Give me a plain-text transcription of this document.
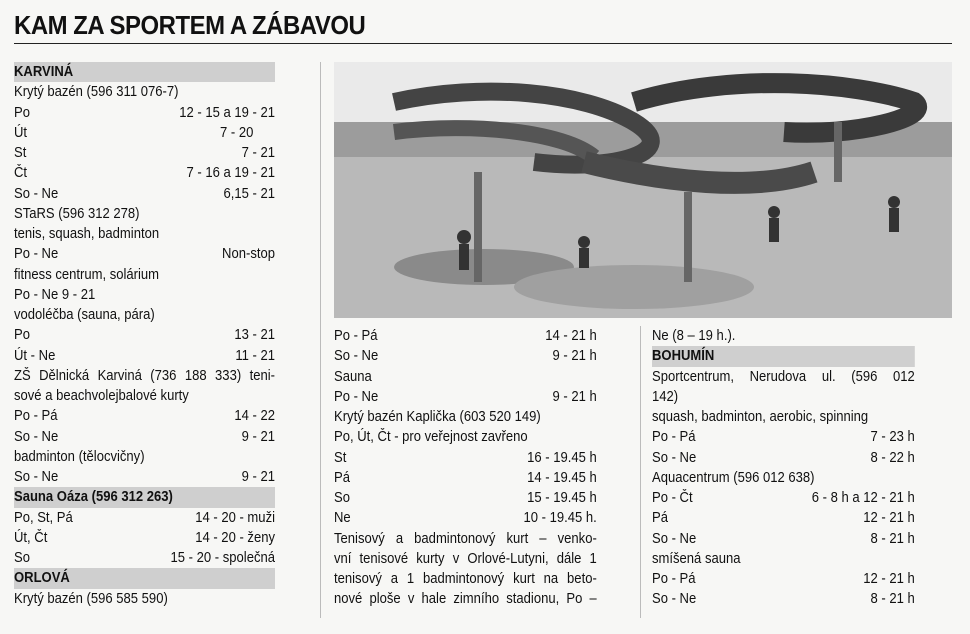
KAM ZA SPORTEM A ZÁBAVOU
KARVINÁ
Krytý bazén (596 311 076-7)
Po	12 - 15 a 19 - 21
Út	7 - 20
St	7 - 21
Čt	7 - 16 a 19 - 21
So - Ne	6,15 - 21
STaRS (596 312 278)
tenis, squash, badminton
Po - Ne	Non-stop
fitness centrum, solárium
Po - Ne 9 - 21
vodoléčba (sauna, pára)
Po	13 - 21
Út - Ne	11 - 21
ZŠ Dělnická Karviná (736 188 333) teni-
sové a beachvolejbalové kurty
Po - Pá	14 - 22
So - Ne	9 - 21
badminton (tělocvičny)
So - Ne	9 - 21
Sauna Oáza (596 312 263)
Po, St, Pá	14 - 20 - muži
Út, Čt	14 - 20 - ženy
So	15 - 20 - společná
ORLOVÁ
Krytý bazén (596 585 590)
Po - Pá	14 - 21 h
So - Ne	9 - 21 h
Sauna
Po - Ne	9 - 21 h
Krytý bazén Kaplička (603 520 149)
Po, Út, Čt - pro veřejnost zavřeno
St	16 - 19.45 h
Pá	14 - 19.45 h
So	15 - 19.45 h
Ne	10 - 19.45 h.
Tenisový a badmintonový kurt – venko-
vní tenisové kurty v Orlové-Lutyni, dále 1
tenisový a 1 badmintonový kurt na beto-
nové ploše v hale zimního stadionu, Po –
Ne (8 – 19 h.).
BOHUMÍN
Sportcentrum, Nerudova ul. (596 012
142)
squash, badminton, aerobic, spinning
Po - Pá	7 - 23 h
So - Ne	8 - 22 h
Aquacentrum (596 012 638)
Po - Čt	6 - 8 h a 12 - 21 h
Pá	12 - 21 h
So - Ne	8 - 21 h
smíšená sauna
Po - Pá	12 - 21 h
So - Ne	8 - 21 h
